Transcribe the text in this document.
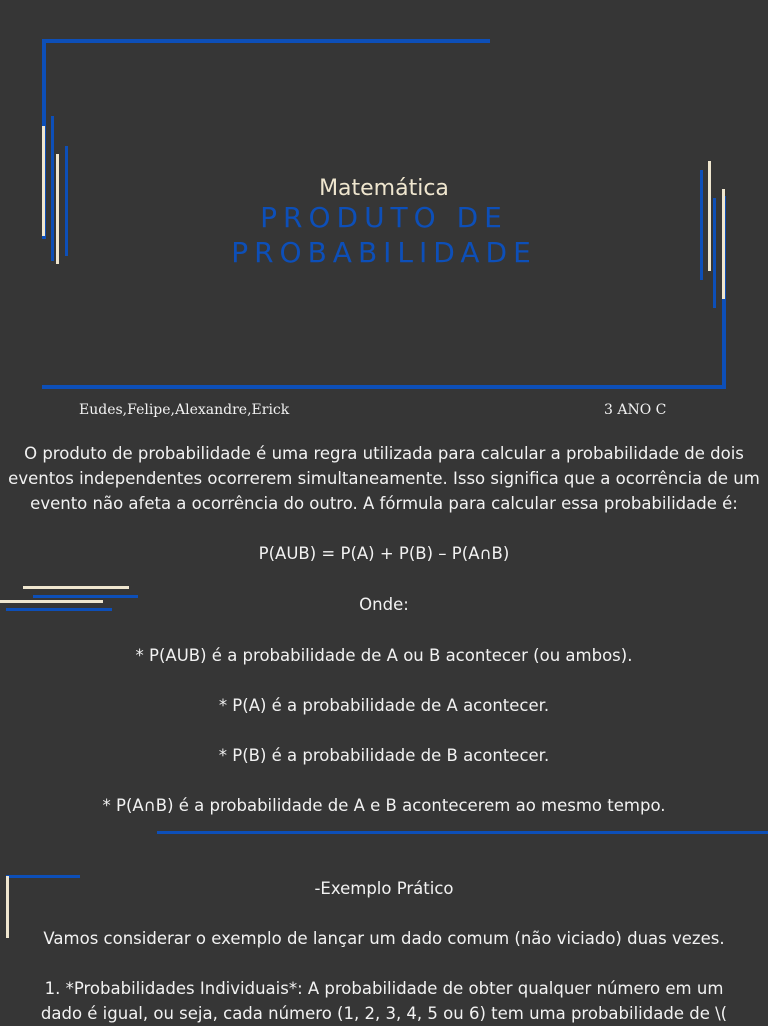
Matemática
PRODUTO DE
PROBABILIDADE
Eudes,Felipe,Alexandre,Erick	3 ANO C
O produto de probabilidade é uma regra utilizada para calcular a probabilidade de dois
eventos independentes ocorrerem simultaneamente. Isso significa que a ocorrência de um
evento não afeta a ocorrência do outro. A fórmula para calcular essa probabilidade é:
P(AUB) = P(A) + P(B) – P(A∩B)
Onde:
* P(AUB) é a probabilidade de A ou B acontecer (ou ambos).
* P(A) é a probabilidade de A acontecer.
* P(B) é a probabilidade de B acontecer.
* P(A∩B) é a probabilidade de A e B acontecerem ao mesmo tempo.
-Exemplo Prático
Vamos considerar o exemplo de lançar um dado comum (não viciado) duas vezes.
1. *Probabilidades Individuais*: A probabilidade de obter qualquer número em um
dado é igual, ou seja, cada número (1, 2, 3, 4, 5 ou 6) tem uma probabilidade de \(
